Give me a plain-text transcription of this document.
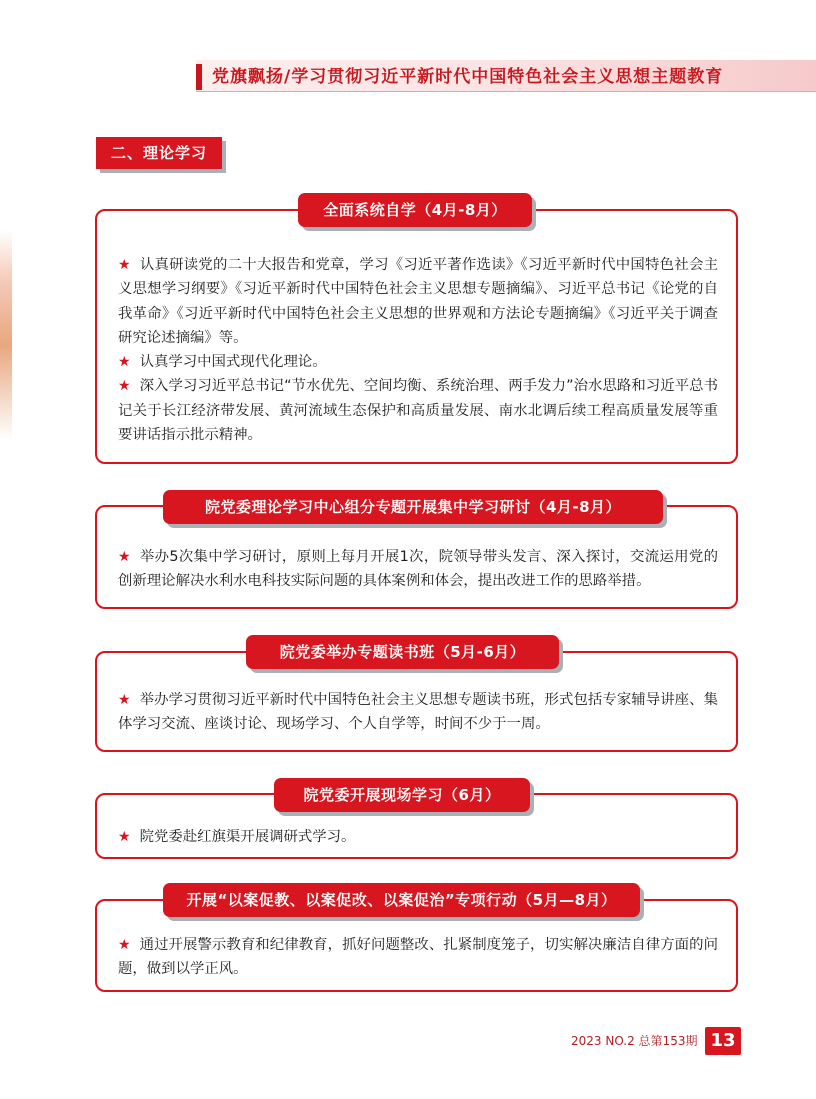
党旗飘扬/学习贯彻习近平新时代中国特色社会主义思想主题教育
二、理论学习
全面系统自学（4月-8月）
★ 认真研读党的二十大报告和党章，学习《习近平著作选读》《习近平新时代中国特色社会主义思想学习纲要》《习近平新时代中国特色社会主义思想专题摘编》、习近平总书记《论党的自我革命》《习近平新时代中国特色社会主义思想的世界观和方法论专题摘编》《习近平关于调查研究论述摘编》等。
★ 认真学习中国式现代化理论。
★ 深入学习习近平总书记“节水优先、空间均衡、系统治理、两手发力”治水思路和习近平总书记关于长江经济带发展、黄河流域生态保护和高质量发展、南水北调后续工程高质量发展等重要讲话指示批示精神。
院党委理论学习中心组分专题开展集中学习研讨（4月-8月）
★ 举办5次集中学习研讨，原则上每月开展1次，院领导带头发言、深入探讨，交流运用党的创新理论解决水利水电科技实际问题的具体案例和体会，提出改进工作的思路举措。
院党委举办专题读书班（5月-6月）
★ 举办学习贯彻习近平新时代中国特色社会主义思想专题读书班，形式包括专家辅导讲座、集体学习交流、座谈讨论、现场学习、个人自学等，时间不少于一周。
院党委开展现场学习（6月）
★ 院党委赴红旗渠开展调研式学习。
开展“以案促教、以案促改、以案促治”专项行动（5月—8月）
★ 通过开展警示教育和纪律教育，抓好问题整改、扎紧制度笼子，切实解决廉洁自律方面的问题，做到以学正风。
2023 NO.2 总第153期 13
